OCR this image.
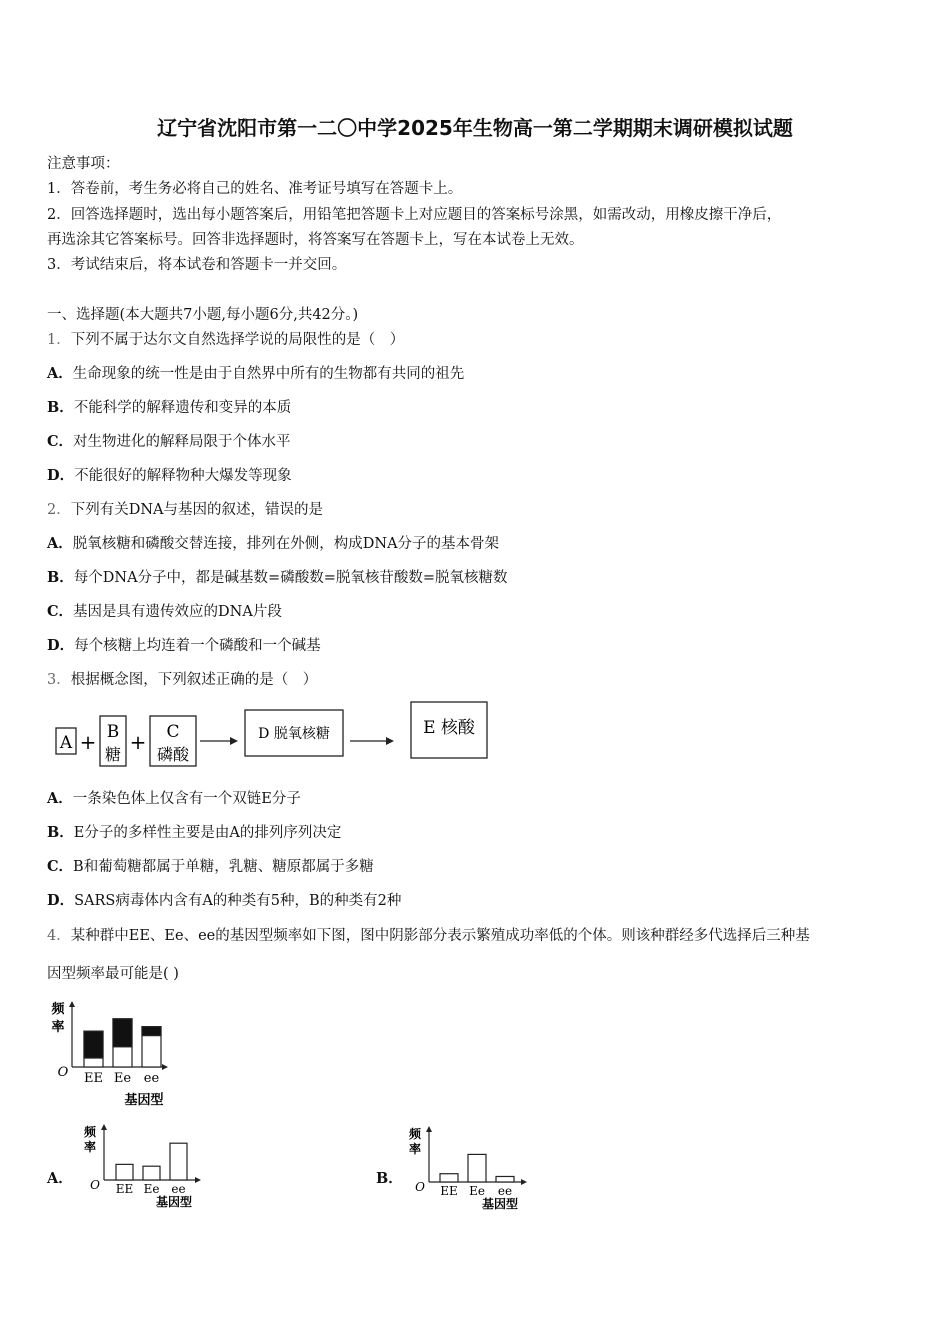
辽宁省沈阳市第一二〇中学2025年生物高一第二学期期末调研模拟试题
注意事项：
1．答卷前，考生务必将自己的姓名、准考证号填写在答题卡上。
2．回答选择题时，选出每小题答案后，用铅笔把答题卡上对应题目的答案标号涂黑，如需改动，用橡皮擦干净后，
再选涂其它答案标号。回答非选择题时，将答案写在答题卡上，写在本试卷上无效。
3．考试结束后，将本试卷和答题卡一并交回。
一、选择题(本大题共7小题,每小题6分,共42分。)
1．下列不属于达尔文自然选择学说的局限性的是（　）
A．生命现象的统一性是由于自然界中所有的生物都有共同的祖先
B．不能科学的解释遗传和变异的本质
C．对生物进化的解释局限于个体水平
D．不能很好的解释物种大爆发等现象
2．下列有关DNA与基因的叙述，错误的是
A．脱氧核糖和磷酸交替连接，排列在外侧，构成DNA分子的基本骨架
B．每个DNA分子中，都是碱基数=磷酸数=脱氧核苷酸数=脱氧核糖数
C．基因是具有遗传效应的DNA片段
D．每个核糖上均连着一个磷酸和一个碱基
3．根据概念图，下列叙述正确的是（　）
A + B
糖
+ C
磷酸
D 脱氧核糖	E 核酸
A．一条染色体上仅含有一个双链E分子
B．E分子的多样性主要是由A的排列序列决定
C．B和葡萄糖都属于单糖，乳糖、糖原都属于多糖
D．SARS病毒体内含有A的种类有5种，B的种类有2种
4．某种群中EE、Ee、ee的基因型频率如下图，图中阴影部分表示繁殖成功率低的个体。则该种群经多代选择后三种基
因型频率最可能是( )
频
率
O
基因型
EE Ee ee
A．
频
率
O
基因型
EE Ee ee
B．
频
率
O
基因型
EE Ee ee
